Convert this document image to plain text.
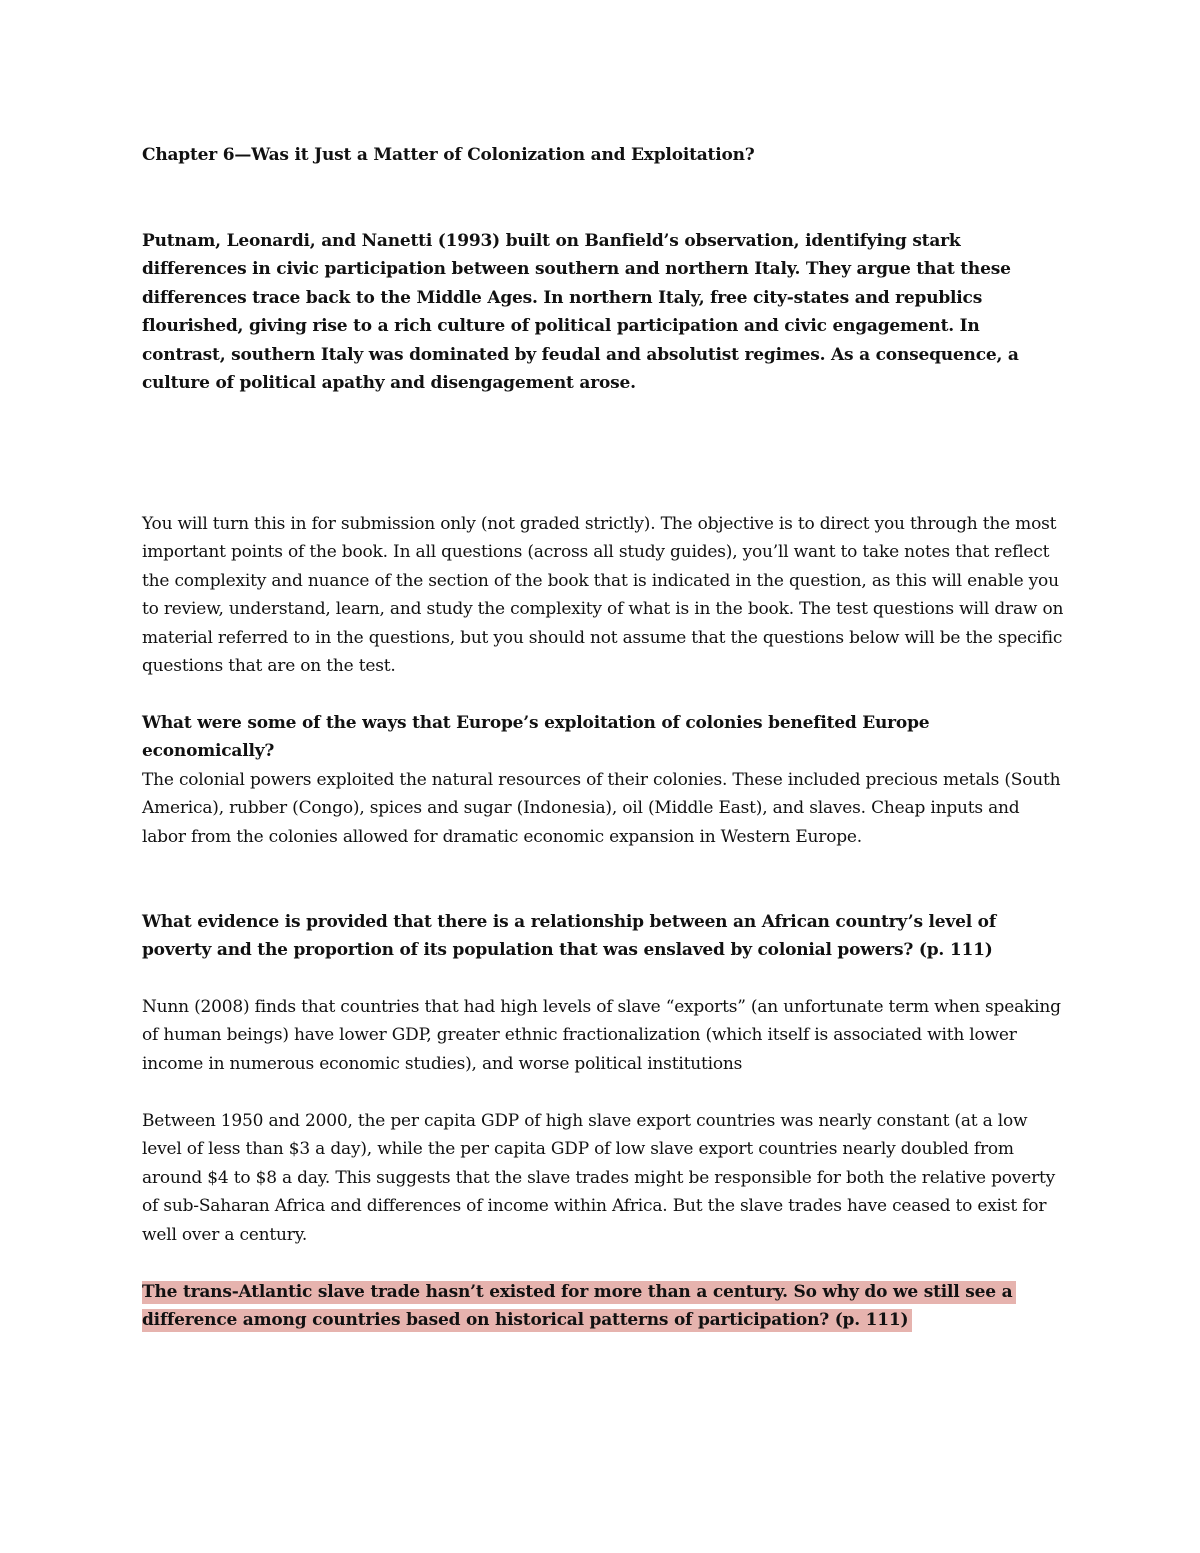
Chapter 6—Was it Just a Matter of Colonization and Exploitation?

Putnam, Leonardi, and Nanetti (1993) built on Banfield’s observation, identifying stark differences in civic participation between southern and northern Italy. They argue that these differences trace back to the Middle Ages. In northern Italy, free city-states and republics flourished, giving rise to a rich culture of political participation and civic engagement. In contrast, southern Italy was dominated by feudal and absolutist regimes. As a consequence, a culture of political apathy and disengagement arose.

You will turn this in for submission only (not graded strictly). The objective is to direct you through the most important points of the book. In all questions (across all study guides), you’ll want to take notes that reflect the complexity and nuance of the section of the book that is indicated in the question, as this will enable you to review, understand, learn, and study the complexity of what is in the book. The test questions will draw on material referred to in the questions, but you should not assume that the questions below will be the specific questions that are on the test.

What were some of the ways that Europe’s exploitation of colonies benefited Europe economically?

The colonial powers exploited the natural resources of their colonies. These included precious metals (South America), rubber (Congo), spices and sugar (Indonesia), oil (Middle East), and slaves. Cheap inputs and labor from the colonies allowed for dramatic economic expansion in Western Europe.

What evidence is provided that there is a relationship between an African country’s level of poverty and the proportion of its population that was enslaved by colonial powers? (p. 111)

Nunn (2008) finds that countries that had high levels of slave “exports” (an unfortunate term when speaking of human beings) have lower GDP, greater ethnic fractionalization (which itself is associated with lower income in numerous economic studies), and worse political institutions

Between 1950 and 2000, the per capita GDP of high slave export countries was nearly constant (at a low level of less than $3 a day), while the per capita GDP of low slave export countries nearly doubled from around $4 to $8 a day. This suggests that the slave trades might be responsible for both the relative poverty of sub-Saharan Africa and differences of income within Africa. But the slave trades have ceased to exist for well over a century.

The trans-Atlantic slave trade hasn’t existed for more than a century. So why do we still see a difference among countries based on historical patterns of participation? (p. 111)
